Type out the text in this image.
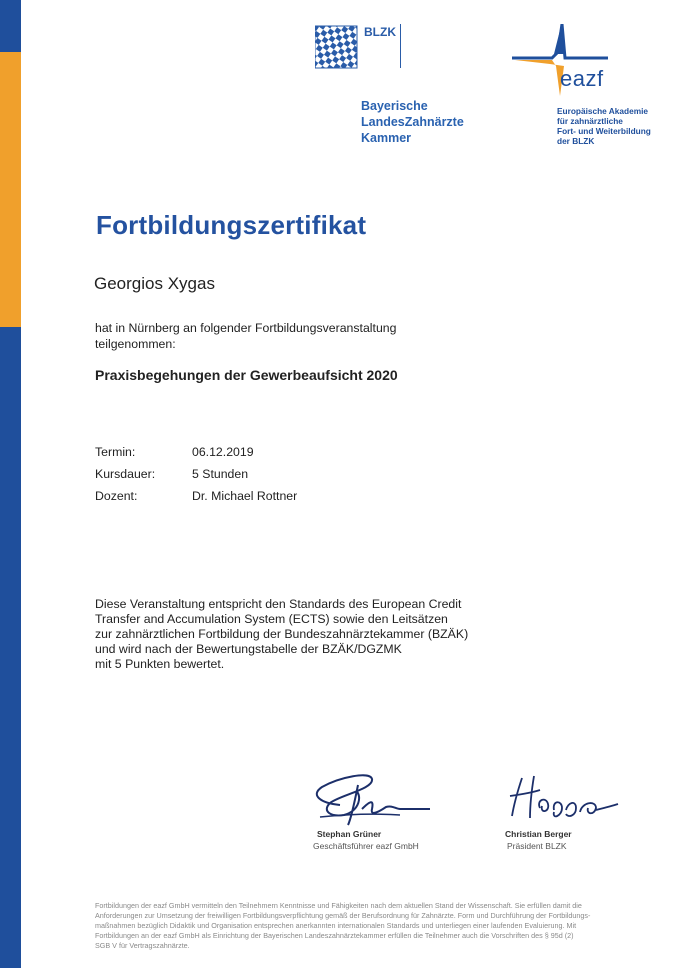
BLZK
Bayerische
LandesZahnärzte
Kammer
eazf
Europäische Akademie
für zahnärztliche
Fort- und Weiterbildung
der BLZK
Fortbildungszertifikat
Georgios Xygas
hat in Nürnberg an folgender Fortbildungsveranstaltung
teilgenommen:
Praxisbegehungen der Gewerbeaufsicht 2020
Termin:	06.12.2019
Kursdauer:	5 Stunden
Dozent:	Dr. Michael Rottner
Diese Veranstaltung entspricht den Standards des European Credit
Transfer and Accumulation System (ECTS) sowie den Leitsätzen
zur zahnärztlichen Fortbildung der Bundeszahnärztekammer (BZÄK)
und wird nach der Bewertungstabelle der BZÄK/DGZMK
mit 5 Punkten bewertet.
Stephan Grüner
Geschäftsführer eazf GmbH
Christian Berger
Präsident BLZK
Fortbildungen der eazf GmbH vermitteln den Teilnehmern Kenntnisse und Fähigkeiten nach dem aktuellen Stand der Wissenschaft. Sie erfüllen damit die
Anforderungen zur Umsetzung der freiwilligen Fortbildungsverpflichtung gemäß der Berufsordnung für Zahnärzte. Form und Durchführung der Fortbildungs-
maßnahmen bezüglich Didaktik und Organisation entsprechen anerkannten internationalen Standards und unterliegen einer laufenden Evaluierung. Mit
Fortbildungen an der eazf GmbH als Einrichtung der Bayerischen Landeszahnärztekammer erfüllen die Teilnehmer auch die Vorschriften des § 95d (2)
SGB V für Vertragszahnärzte.
